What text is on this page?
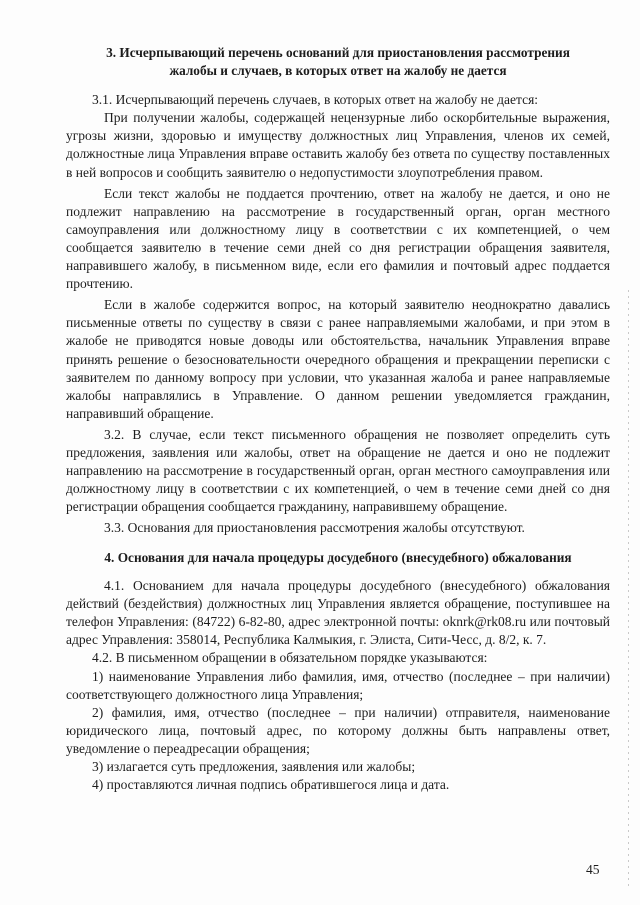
3. Исчерпывающий перечень оснований для приостановления рассмотрения
жалобы и случаев, в которых ответ на жалобу не дается

3.1. Исчерпывающий перечень случаев, в которых ответ на жалобу не дается:

При получении жалобы, содержащей нецензурные либо оскорбительные выражения, угрозы жизни, здоровью и имуществу должностных лиц Управления, членов их семей, должностные лица Управления вправе оставить жалобу без ответа по существу поставленных в ней вопросов и сообщить заявителю о недопустимости злоупотребления правом.

Если текст жалобы не поддается прочтению, ответ на жалобу не дается, и оно не подлежит направлению на рассмотрение в государственный орган, орган местного самоуправления или должностному лицу в соответствии с их компетенцией, о чем сообщается заявителю в течение семи дней со дня регистрации обращения заявителя, направившего жалобу, в письменном виде, если его фамилия и почтовый адрес поддается прочтению.

Если в жалобе содержится вопрос, на который заявителю неоднократно давались письменные ответы по существу в связи с ранее направляемыми жалобами, и при этом в жалобе не приводятся новые доводы или обстоятельства, начальник Управления вправе принять решение о безосновательности очередного обращения и прекращении переписки с заявителем по данному вопросу при условии, что указанная жалоба и ранее направляемые жалобы направлялись в Управление. О данном решении уведомляется гражданин, направивший обращение.

3.2. В случае, если текст письменного обращения не позволяет определить суть предложения, заявления или жалобы, ответ на обращение не дается и оно не подлежит направлению на рассмотрение в государственный орган, орган местного самоуправления или должностному лицу в соответствии с их компетенцией, о чем в течение семи дней со дня регистрации обращения сообщается гражданину, направившему обращение.

3.3. Основания для приостановления рассмотрения жалобы отсутствуют.

4. Основания для начала процедуры досудебного (внесудебного) обжалования

4.1. Основанием для начала процедуры досудебного (внесудебного) обжалования действий (бездействия) должностных лиц Управления является обращение, поступившее на телефон Управления: (84722) 6-82-80, адрес электронной почты: oknrk@rk08.ru или почтовый адрес Управления: 358014, Республика Калмыкия, г. Элиста, Сити-Чесс, д. 8/2, к. 7.

4.2. В письменном обращении в обязательном порядке указываются:

1) наименование Управления либо фамилия, имя, отчество (последнее – при наличии) соответствующего должностного лица Управления;

2) фамилия, имя, отчество (последнее – при наличии) отправителя, наименование юридического лица, почтовый адрес, по которому должны быть направлены ответ, уведомление о переадресации обращения;

3) излагается суть предложения, заявления или жалобы;

4) проставляются личная подпись обратившегося лица и дата.

45
